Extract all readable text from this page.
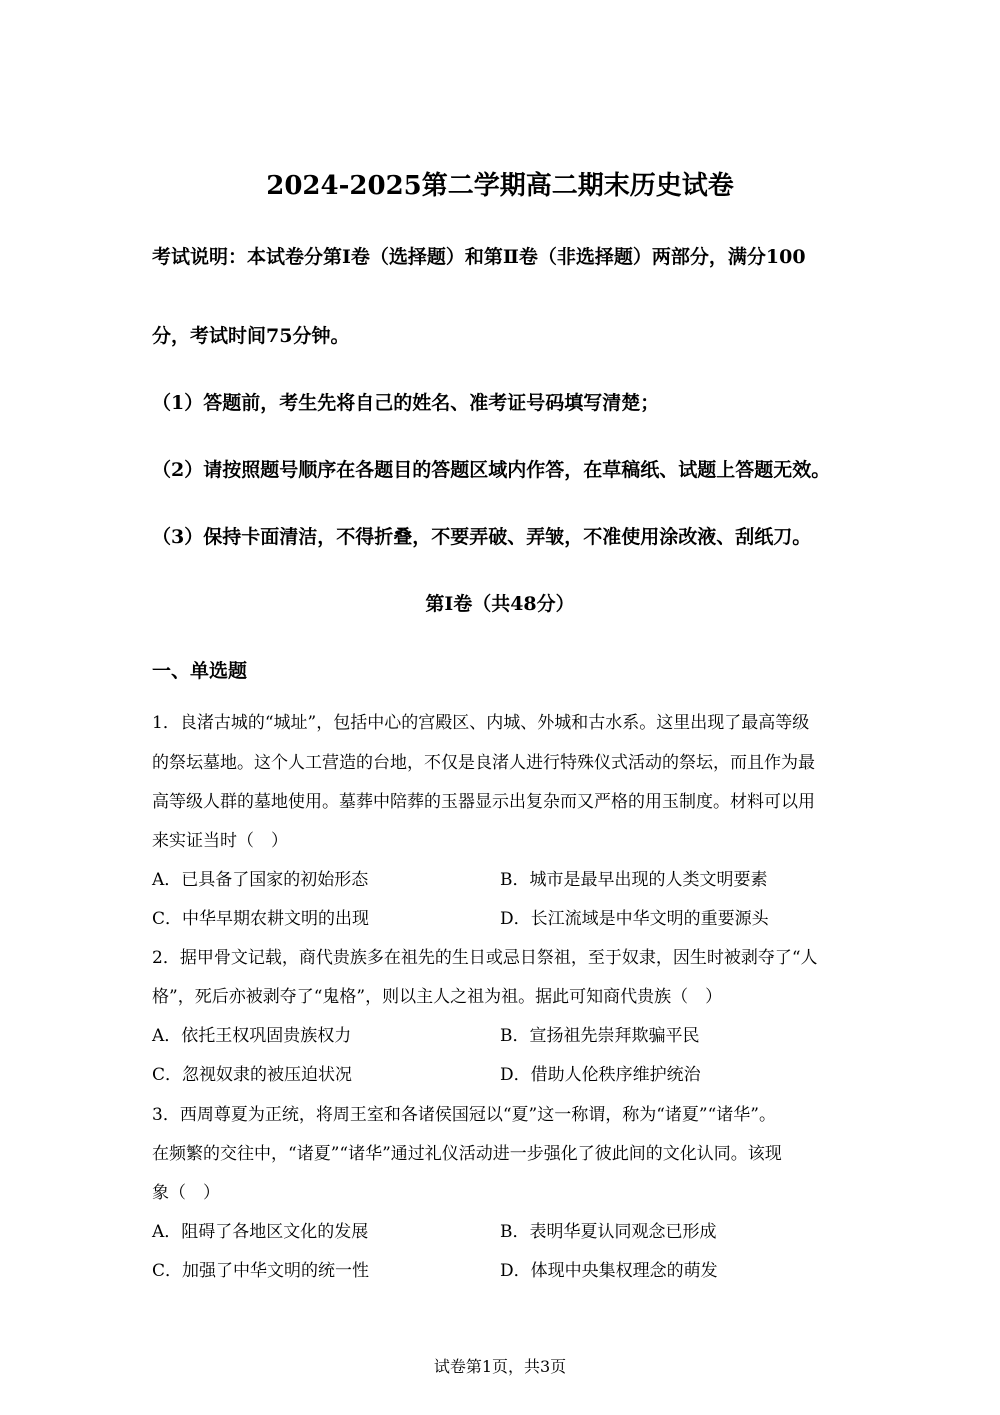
2024-2025第二学期高二期末历史试卷
考试说明：本试卷分第Ⅰ卷（选择题）和第Ⅱ卷（非选择题）两部分，满分100
分，考试时间75分钟。
（1）答题前，考生先将自己的姓名、准考证号码填写清楚；
（2）请按照题号顺序在各题目的答题区域内作答，在草稿纸、试题上答题无效。
（3）保持卡面清洁，不得折叠，不要弄破、弄皱，不准使用涂改液、刮纸刀。
第Ⅰ卷（共48分）
一、单选题
1．良渚古城的“城址”，包括中心的宫殿区、内城、外城和古水系。这里出现了最高等级
的祭坛墓地。这个人工营造的台地，不仅是良渚人进行特殊仪式活动的祭坛，而且作为最
高等级人群的墓地使用。墓葬中陪葬的玉器显示出复杂而又严格的用玉制度。材料可以用
来实证当时（　）
A．已具备了国家的初始形态	B．城市是最早出现的人类文明要素
C．中华早期农耕文明的出现	D．长江流域是中华文明的重要源头
2．据甲骨文记载，商代贵族多在祖先的生日或忌日祭祖，至于奴隶，因生时被剥夺了“人
格”，死后亦被剥夺了“鬼格”，则以主人之祖为祖。据此可知商代贵族（　）
A．依托王权巩固贵族权力	B．宣扬祖先崇拜欺骗平民
C．忽视奴隶的被压迫状况	D．借助人伦秩序维护统治
3．西周尊夏为正统，将周王室和各诸侯国冠以“夏”这一称谓，称为“诸夏”“诸华”。
在频繁的交往中，“诸夏”“诸华”通过礼仪活动进一步强化了彼此间的文化认同。该现
象（　）
A．阻碍了各地区文化的发展	B．表明华夏认同观念已形成
C．加强了中华文明的统一性	D．体现中央集权理念的萌发
试卷第1页，共3页
